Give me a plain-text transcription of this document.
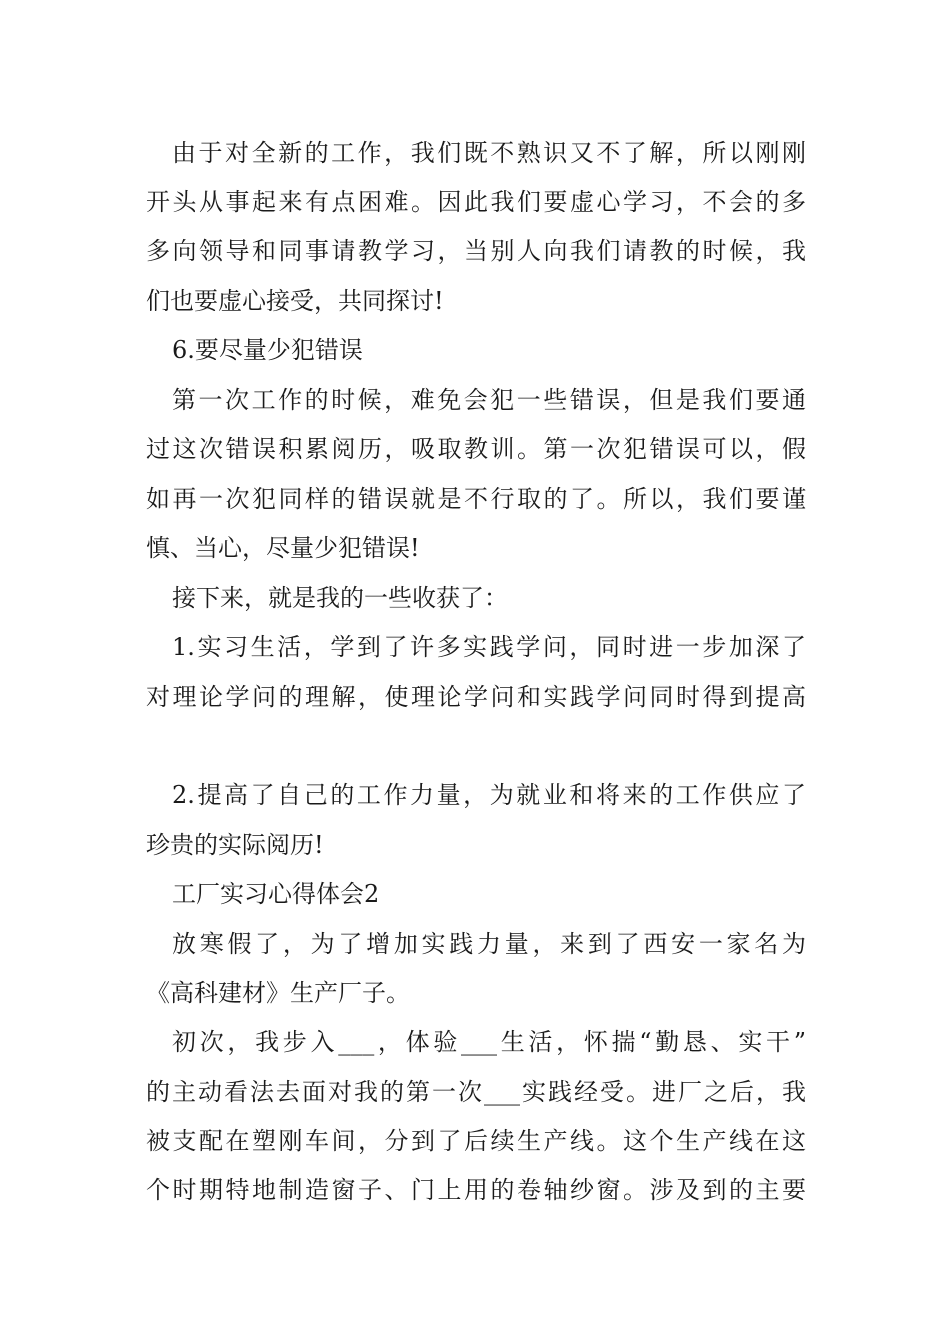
由于对全新的工作，我们既不熟识又不了解，所以刚刚
开头从事起来有点困难。因此我们要虚心学习，不会的多
多向领导和同事请教学习，当别人向我们请教的时候，我
们也要虚心接受，共同探讨!
6.要尽量少犯错误
第一次工作的时候，难免会犯一些错误，但是我们要通
过这次错误积累阅历，吸取教训。第一次犯错误可以，假
如再一次犯同样的错误就是不行取的了。所以，我们要谨
慎、当心，尽量少犯错误!
接下来，就是我的一些收获了：
1.实习生活，学到了许多实践学问，同时进一步加深了
对理论学问的理解，使理论学问和实践学问同时得到提高
2.提高了自己的工作力量，为就业和将来的工作供应了
珍贵的实际阅历!
工厂实习心得体会2
放寒假了，为了增加实践力量，来到了西安一家名为
《高科建材》生产厂子。
初次，我步入___，体验___生活，怀揣“勤恳、实干”
的主动看法去面对我的第一次___实践经受。进厂之后，我
被支配在塑刚车间，分到了后续生产线。这个生产线在这
个时期特地制造窗子、门上用的卷轴纱窗。涉及到的主要
